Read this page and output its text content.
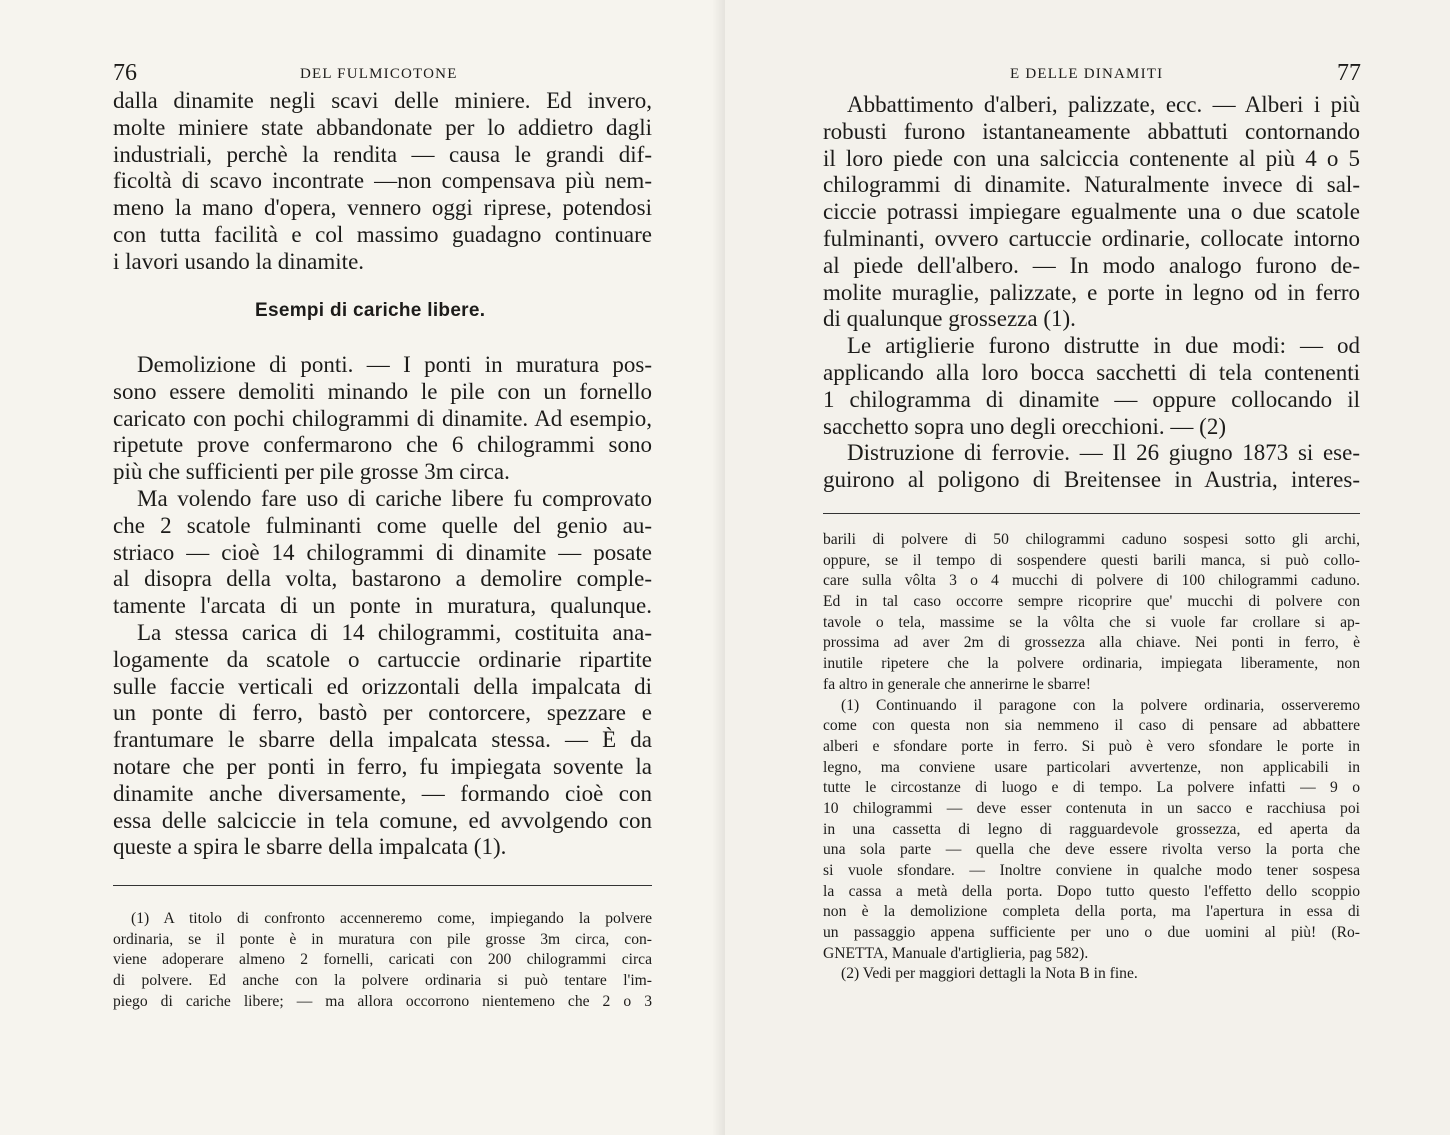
76	DEL FULMICOTONE
dalla dinamite negli scavi delle miniere. Ed invero,
molte miniere state abbandonate per lo addietro dagli
industriali, perchè la rendita — causa le grandi dif-
ficoltà di scavo incontrate —non compensava più nem-
meno la mano d'opera, vennero oggi riprese, potendosi
con tutta facilità e col massimo guadagno continuare
i lavori usando la dinamite.
Esempi di cariche libere.
Demolizione di ponti. — I ponti in muratura pos-
sono essere demoliti minando le pile con un fornello
caricato con pochi chilogrammi di dinamite. Ad esempio,
ripetute prove confermarono che 6 chilogrammi sono
più che sufficienti per pile grosse 3m circa.
Ma volendo fare uso di cariche libere fu comprovato
che 2 scatole fulminanti come quelle del genio au-
striaco — cioè 14 chilogrammi di dinamite — posate
al disopra della volta, bastarono a demolire comple-
tamente l'arcata di un ponte in muratura, qualunque.
La stessa carica di 14 chilogrammi, costituita ana-
logamente da scatole o cartuccie ordinarie ripartite
sulle faccie verticali ed orizzontali della impalcata di
un ponte di ferro, bastò per contorcere, spezzare e
frantumare le sbarre della impalcata stessa. — È da
notare che per ponti in ferro, fu impiegata sovente la
dinamite anche diversamente, — formando cioè con
essa delle salciccie in tela comune, ed avvolgendo con
queste a spira le sbarre della impalcata (1).
(1) A titolo di confronto accenneremo come, impiegando la polvere
ordinaria, se il ponte è in muratura con pile grosse 3m circa, con-
viene adoperare almeno 2 fornelli, caricati con 200 chilogrammi circa
di polvere. Ed anche con la polvere ordinaria si può tentare l'im-
piego di cariche libere; — ma allora occorrono nientemeno che 2 o 3
E DELLE DINAMITI	77
Abbattimento d'alberi, palizzate, ecc. — Alberi i più
robusti furono istantaneamente abbattuti contornando
il loro piede con una salciccia contenente al più 4 o 5
chilogrammi di dinamite. Naturalmente invece di sal-
ciccie potrassi impiegare egualmente una o due scatole
fulminanti, ovvero cartuccie ordinarie, collocate intorno
al piede dell'albero. — In modo analogo furono de-
molite muraglie, palizzate, e porte in legno od in ferro
di qualunque grossezza (1).
Le artiglierie furono distrutte in due modi: — od
applicando alla loro bocca sacchetti di tela contenenti
1 chilogramma di dinamite — oppure collocando il
sacchetto sopra uno degli orecchioni. — (2)
Distruzione di ferrovie. — Il 26 giugno 1873 si ese-
guirono al poligono di Breitensee in Austria, interes-
barili di polvere di 50 chilogrammi caduno sospesi sotto gli archi,
oppure, se il tempo di sospendere questi barili manca, si può collo-
care sulla vôlta 3 o 4 mucchi di polvere di 100 chilogrammi caduno.
Ed in tal caso occorre sempre ricoprire que' mucchi di polvere con
tavole o tela, massime se la vôlta che si vuole far crollare si ap-
prossima ad aver 2m di grossezza alla chiave. Nei ponti in ferro, è
inutile ripetere che la polvere ordinaria, impiegata liberamente, non
fa altro in generale che annerirne le sbarre!
(1) Continuando il paragone con la polvere ordinaria, osserveremo
come con questa non sia nemmeno il caso di pensare ad abbattere
alberi e sfondare porte in ferro. Si può è vero sfondare le porte in
legno, ma conviene usare particolari avvertenze, non applicabili in
tutte le circostanze di luogo e di tempo. La polvere infatti — 9 o
10 chilogrammi — deve esser contenuta in un sacco e racchiusa poi
in una cassetta di legno di ragguardevole grossezza, ed aperta da
una sola parte — quella che deve essere rivolta verso la porta che
si vuole sfondare. — Inoltre conviene in qualche modo tener sospesa
la cassa a metà della porta. Dopo tutto questo l'effetto dello scoppio
non è la demolizione completa della porta, ma l'apertura in essa di
un passaggio appena sufficiente per uno o due uomini al più! (Ro-
GNETTA, Manuale d'artiglieria, pag 582).
(2) Vedi per maggiori dettagli la Nota B in fine.
